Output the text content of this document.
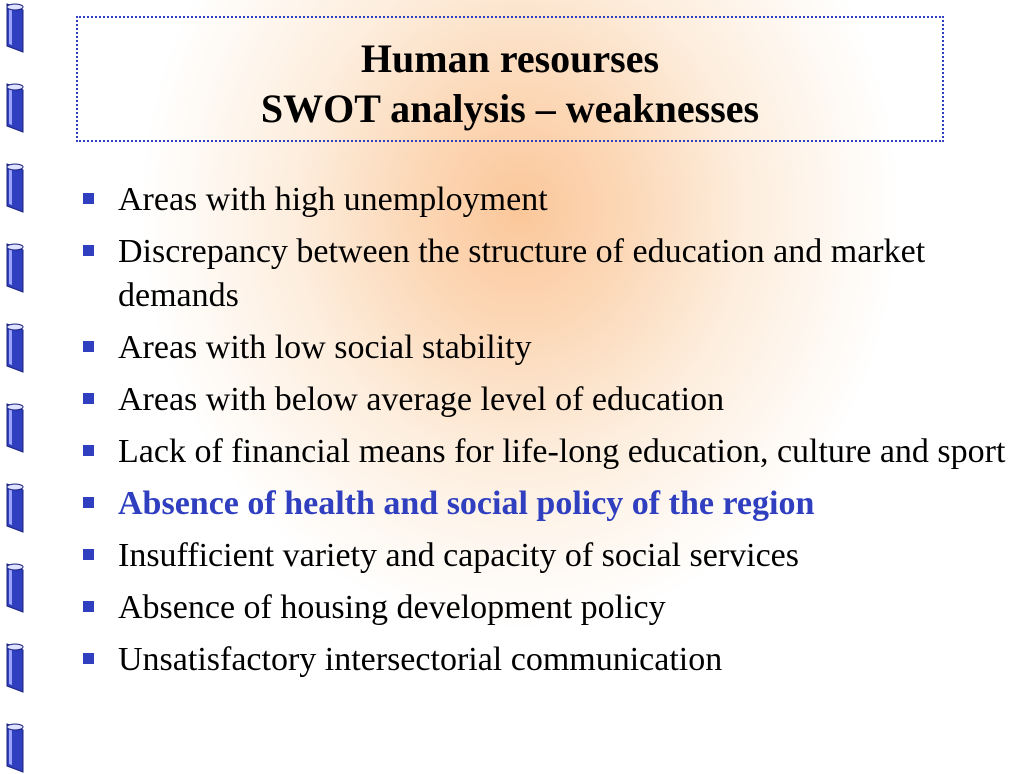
Human resourses
SWOT analysis – weaknesses
Areas with high unemployment
Discrepancy between the structure of education and market demands
Areas with low social stability
Areas with below average level of education
Lack of financial means for life-long education, culture and sport
Absence of health and social policy of the region
Insufficient variety and capacity of social services
Absence of housing development policy
Unsatisfactory intersectorial communication
